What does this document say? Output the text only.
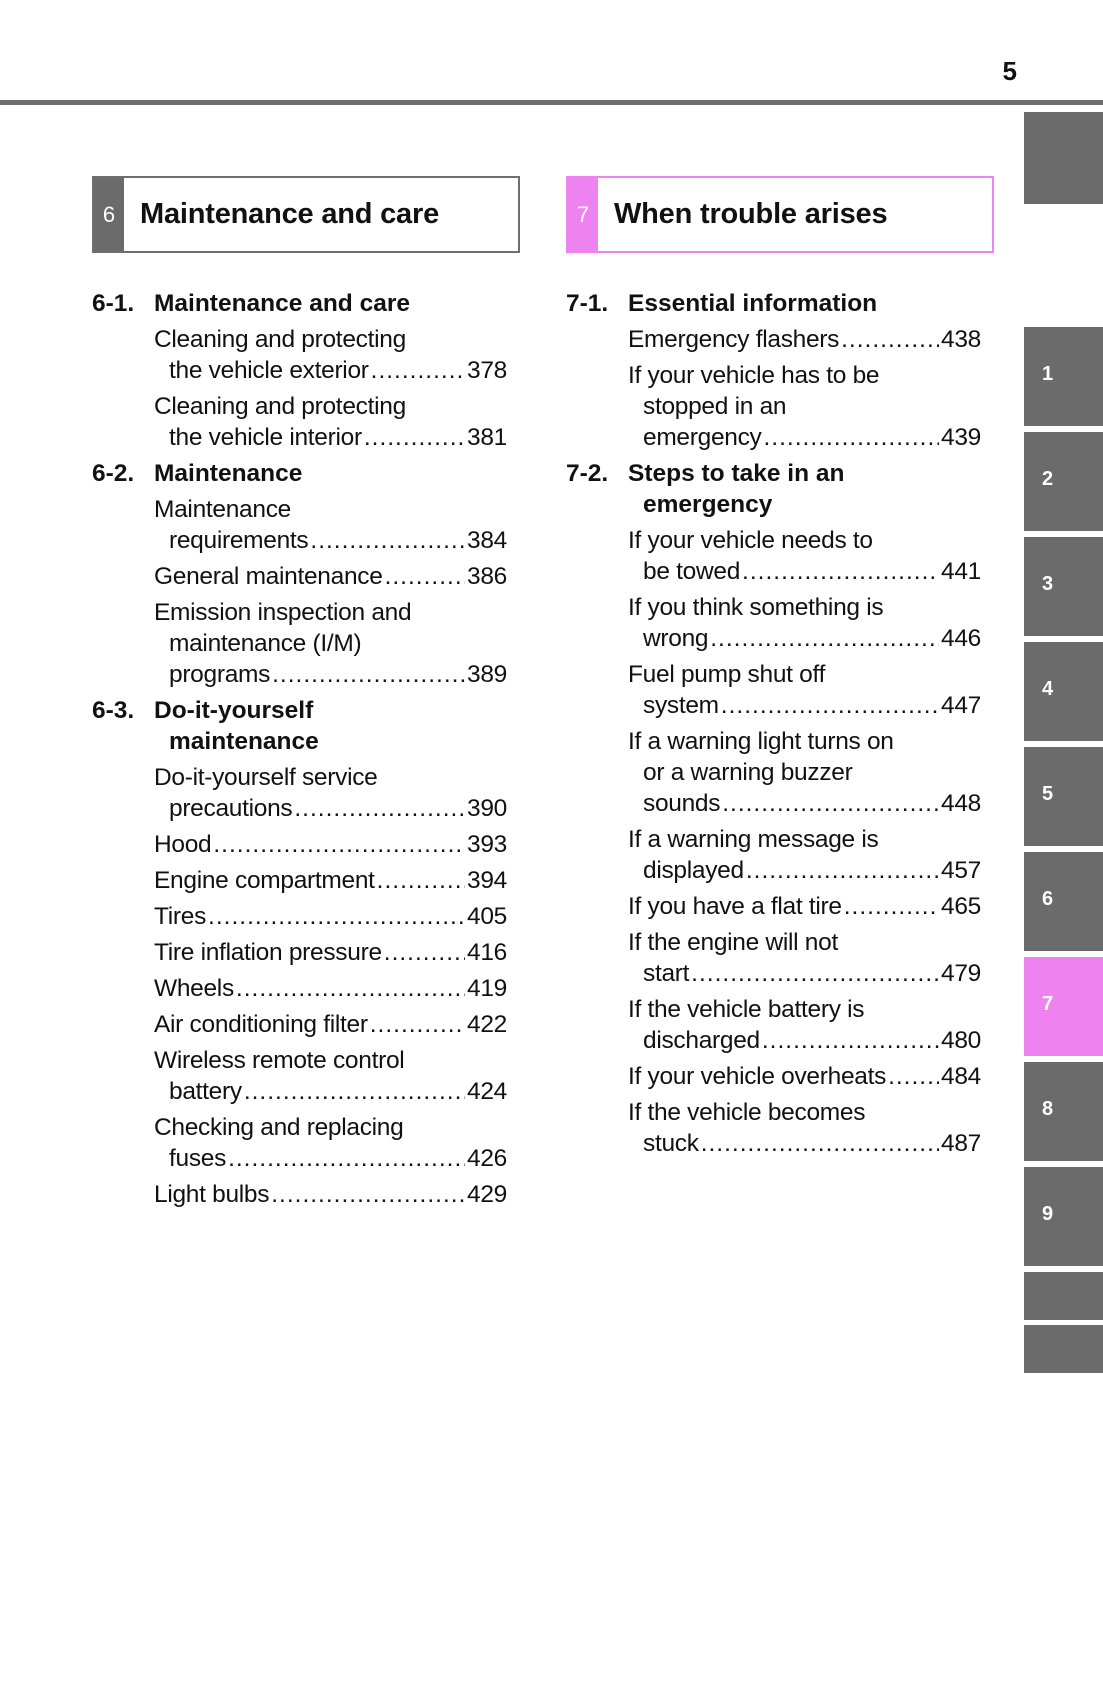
5
1
2
3
4
5
6
7
8
9
6 Maintenance and care	7 When trouble arises
6-1. Maintenance and care
Cleaning and protecting
the vehicle exterior .....	378
Cleaning and protecting
the vehicle interior .....	381
6-2. Maintenance
Maintenance
requirements .....	384
General maintenance .....	386
Emission inspection and
maintenance (I/M)
programs .....	389
6-3. Do-it-yourself
maintenance
Do-it-yourself service
precautions .....	390
Hood .....	393
Engine compartment .....	394
Tires .....	405
Tire inflation pressure .....	416
Wheels .....	419
Air conditioning filter .....	422
Wireless remote control
battery .....	424
Checking and replacing
fuses .....	426
Light bulbs .....	429
7-1. Essential information
Emergency flashers .....	438
If your vehicle has to be
stopped in an
emergency .....	439
7-2. Steps to take in an
emergency
If your vehicle needs to
be towed .....	441
If you think something is
wrong .....	446
Fuel pump shut off
system .....	447
If a warning light turns on
or a warning buzzer
sounds .....	448
If a warning message is
displayed .....	457
If you have a flat tire .....	465
If the engine will not
start .....	479
If the vehicle battery is
discharged .....	480
If your vehicle overheats ..... 484
If the vehicle becomes
stuck .....	487
